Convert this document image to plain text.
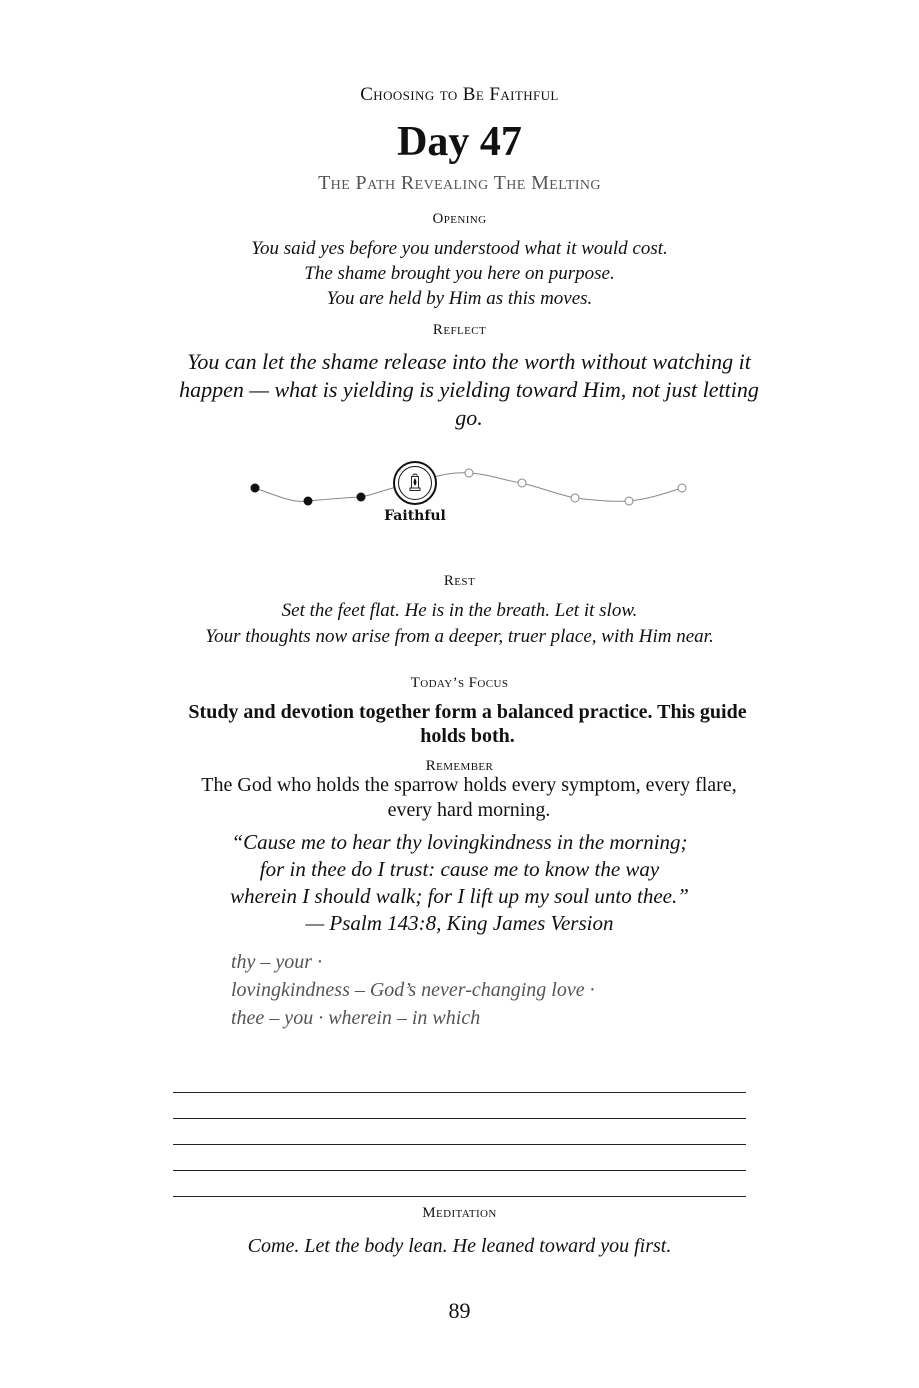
Choosing to Be Faithful
Day 47
The Path Revealing The Melting
Opening
You said yes before you understood what it would cost.
The shame brought you here on purpose.
You are held by Him as this moves.
Reflect
You can let the shame release into the worth without watching it happen — what is yielding is yielding toward Him, not just letting go.
Faithful
Rest
Set the feet flat. He is in the breath. Let it slow.
Your thoughts now arise from a deeper, truer place, with Him near.
Today’s Focus
Study and devotion together form a balanced practice. This guide holds both.
Remember
The God who holds the sparrow holds every symptom, every flare, every hard morning.
“Cause me to hear thy lovingkindness in the morning;
for in thee do I trust: cause me to know the way
wherein I should walk; for I lift up my soul unto thee.”
— Psalm 143:8, King James Version
thy – your ·
lovingkindness – God’s never-changing love ·
thee – you · wherein – in which
Meditation
Come. Let the body lean. He leaned toward you first.
89
